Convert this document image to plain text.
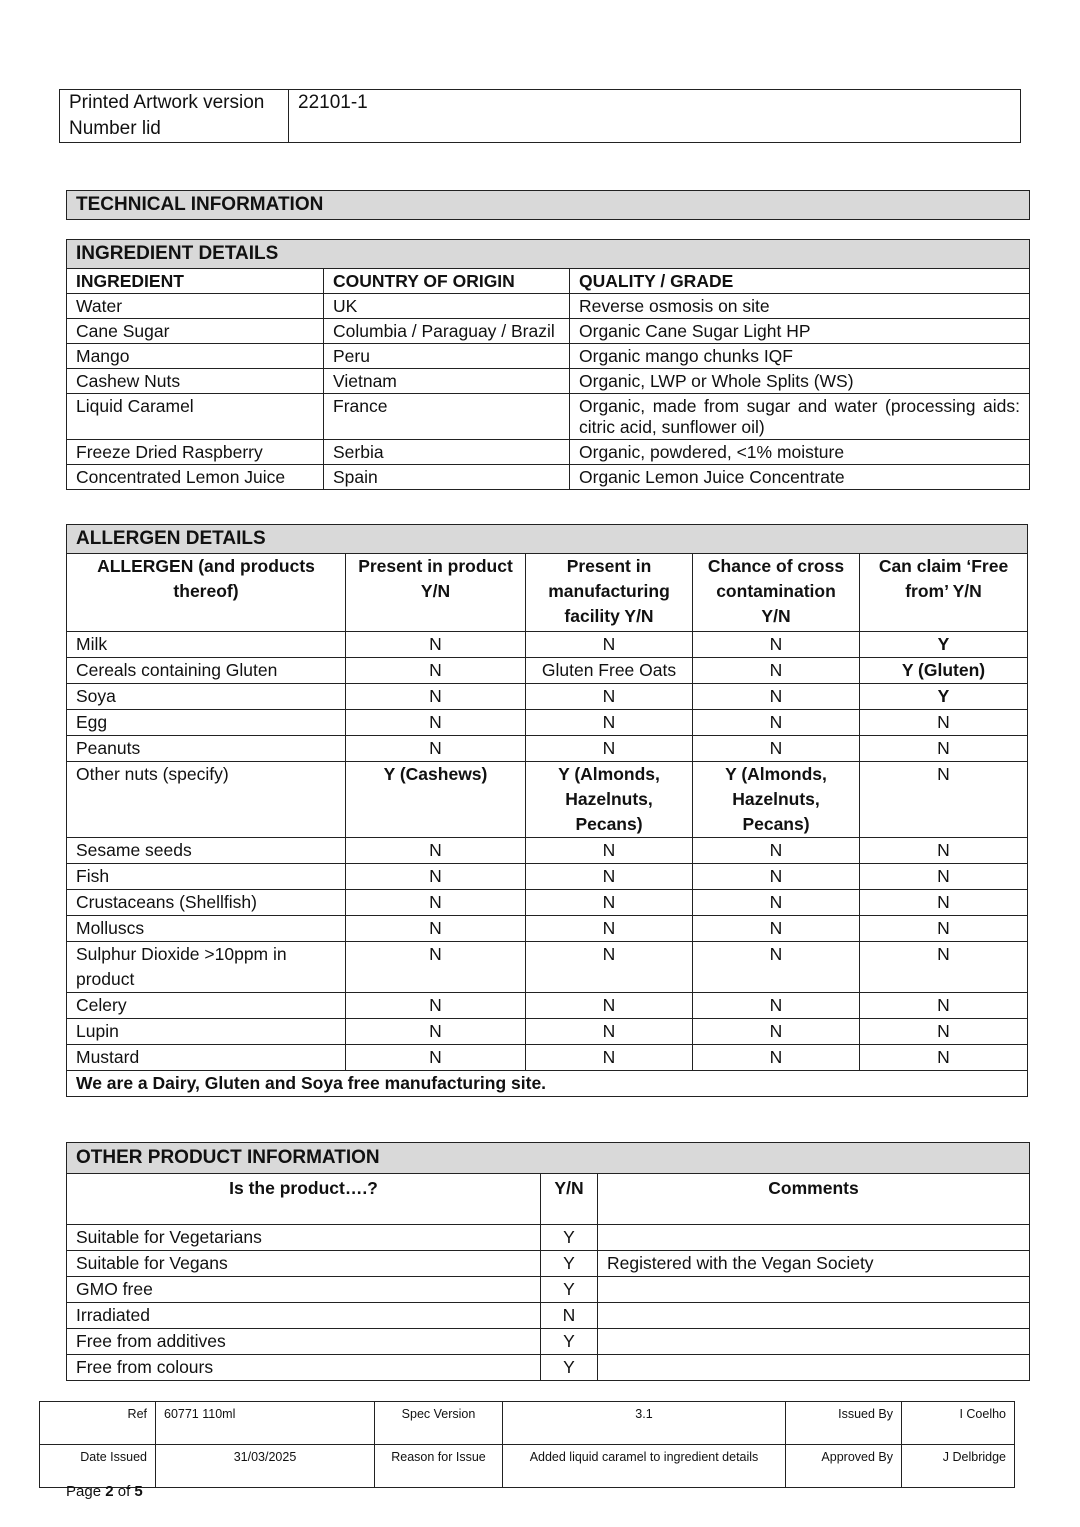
Printed Artwork version Number lid	22101-1
TECHNICAL INFORMATION
INGREDIENT DETAILS		
INGREDIENT	COUNTRY OF ORIGIN	QUALITY / GRADE
Water	UK	Reverse osmosis on site
Cane Sugar	Columbia / Paraguay / Brazil	Organic Cane Sugar Light HP
Mango	Peru	Organic mango chunks IQF
Cashew Nuts	Vietnam	Organic, LWP or Whole Splits (WS)
Liquid Caramel	France	Organic, made from sugar and water (processing aids: citric acid, sunflower oil)
Freeze Dried Raspberry	Serbia	Organic, powdered, <1% moisture
Concentrated Lemon Juice	Spain	Organic Lemon Juice Concentrate
ALLERGEN DETAILS				
ALLERGEN (and products thereof)	Present in product Y/N	Present in manufacturing facility Y/N	Chance of cross contamination Y/N	Can claim ‘Free from’ Y/N
Milk	N	N	N	Y
Cereals containing Gluten	N	Gluten Free Oats	N	Y (Gluten)
Soya	N	N	N	Y
Egg	N	N	N	N
Peanuts	N	N	N	N
Other nuts (specify)	Y (Cashews)	Y (Almonds, Hazelnuts, Pecans)	Y (Almonds, Hazelnuts, Pecans)	N
Sesame seeds	N	N	N	N
Fish	N	N	N	N
Crustaceans (Shellfish)	N	N	N	N
Molluscs	N	N	N	N
Sulphur Dioxide >10ppm in product	N	N	N	N
Celery	N	N	N	N
Lupin	N	N	N	N
Mustard	N	N	N	N
We are a Dairy, Gluten and Soya free manufacturing site.				
OTHER PRODUCT INFORMATION		
Is the product….?	Y/N	Comments
Suitable for Vegetarians	Y	
Suitable for Vegans	Y	Registered with the Vegan Society
GMO free	Y	
Irradiated	N	
Free from additives	Y	
Free from colours	Y	
Ref	60771 110ml	Spec Version	3.1	Issued By	I Coelho
Date Issued	31/03/2025	Reason for Issue	Added liquid caramel to ingredient details	Approved By	J Delbridge
Page 2 of 5
